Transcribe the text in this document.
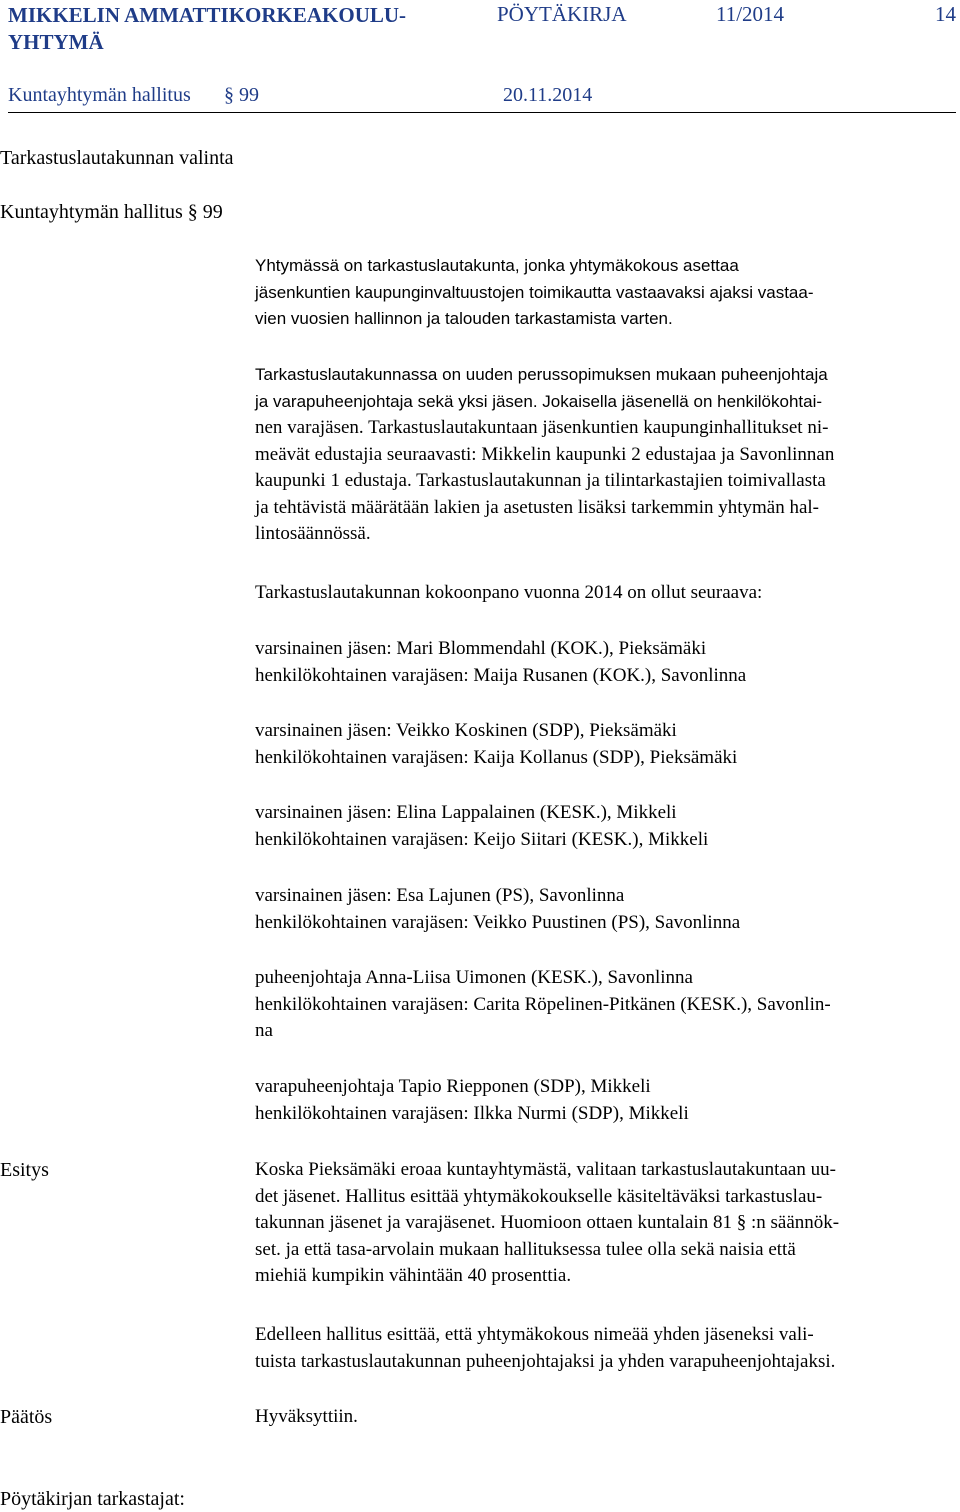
MIKKELIN AMMATTIKORKEAKOULU-YHTYMÄ
PÖYTÄKIRJA	11/2014	14
Kuntayhtymän hallitus § 99	20.11.2014
Tarkastuslautakunnan valinta
Kuntayhtymän hallitus § 99

Yhtymässä on tarkastuslautakunta, jonka yhtymäkokous asettaa

jäsenkuntien kaupunginvaltuustojen toimikautta vastaavaksi ajaksi vastaa-

vien vuosien hallinnon ja talouden tarkastamista varten.

Tarkastuslautakunnassa on uuden perussopimuksen mukaan puheenjohtaja

ja varapuheenjohtaja sekä yksi jäsen. Jokaisella jäsenellä on henkilökohtai-

nen varajäsen. Tarkastuslautakuntaan jäsenkuntien kaupunginhallitukset ni-

meävät edustajia seuraavasti: Mikkelin kaupunki 2 edustajaa ja Savonlinnan

kaupunki 1 edustaja. Tarkastuslautakunnan ja tilintarkastajien toimivallasta

ja tehtävistä määrätään lakien ja asetusten lisäksi tarkemmin yhtymän hal-

lintosäännössä.

Tarkastuslautakunnan kokoonpano vuonna 2014 on ollut seuraava:

varsinainen jäsen: Mari Blommendahl (KOK.), Pieksämäki

henkilökohtainen varajäsen: Maija Rusanen (KOK.), Savonlinna

varsinainen jäsen: Veikko Koskinen (SDP), Pieksämäki

henkilökohtainen varajäsen: Kaija Kollanus (SDP), Pieksämäki

varsinainen jäsen: Elina Lappalainen (KESK.), Mikkeli

henkilökohtainen varajäsen: Keijo Siitari (KESK.), Mikkeli

varsinainen jäsen: Esa Lajunen (PS), Savonlinna

henkilökohtainen varajäsen: Veikko Puustinen (PS), Savonlinna

puheenjohtaja Anna-Liisa Uimonen (KESK.), Savonlinna

henkilökohtainen varajäsen: Carita Röpelinen-Pitkänen (KESK.), Savonlin-

na

varapuheenjohtaja Tapio Riepponen (SDP), Mikkeli

henkilökohtainen varajäsen: Ilkka Nurmi (SDP), Mikkeli

Esitys	Koska Pieksämäki eroaa kuntayhtymästä, valitaan tarkastuslautakuntaan uu-

det jäsenet. Hallitus esittää yhtymäkokoukselle käsiteltäväksi tarkastuslau-

takunnan jäsenet ja varajäsenet. Huomioon ottaen kuntalain 81 § :n säännök-

set. ja että tasa-arvolain mukaan hallituksessa tulee olla sekä naisia että

miehiä kumpikin vähintään 40 prosenttia.

Edelleen hallitus esittää, että yhtymäkokous nimeää yhden jäseneksi vali-

tuista tarkastuslautakunnan puheenjohtajaksi ja yhden varapuheenjohtajaksi.

Päätös	Hyväksyttiin.

Pöytäkirjan tarkastajat:
